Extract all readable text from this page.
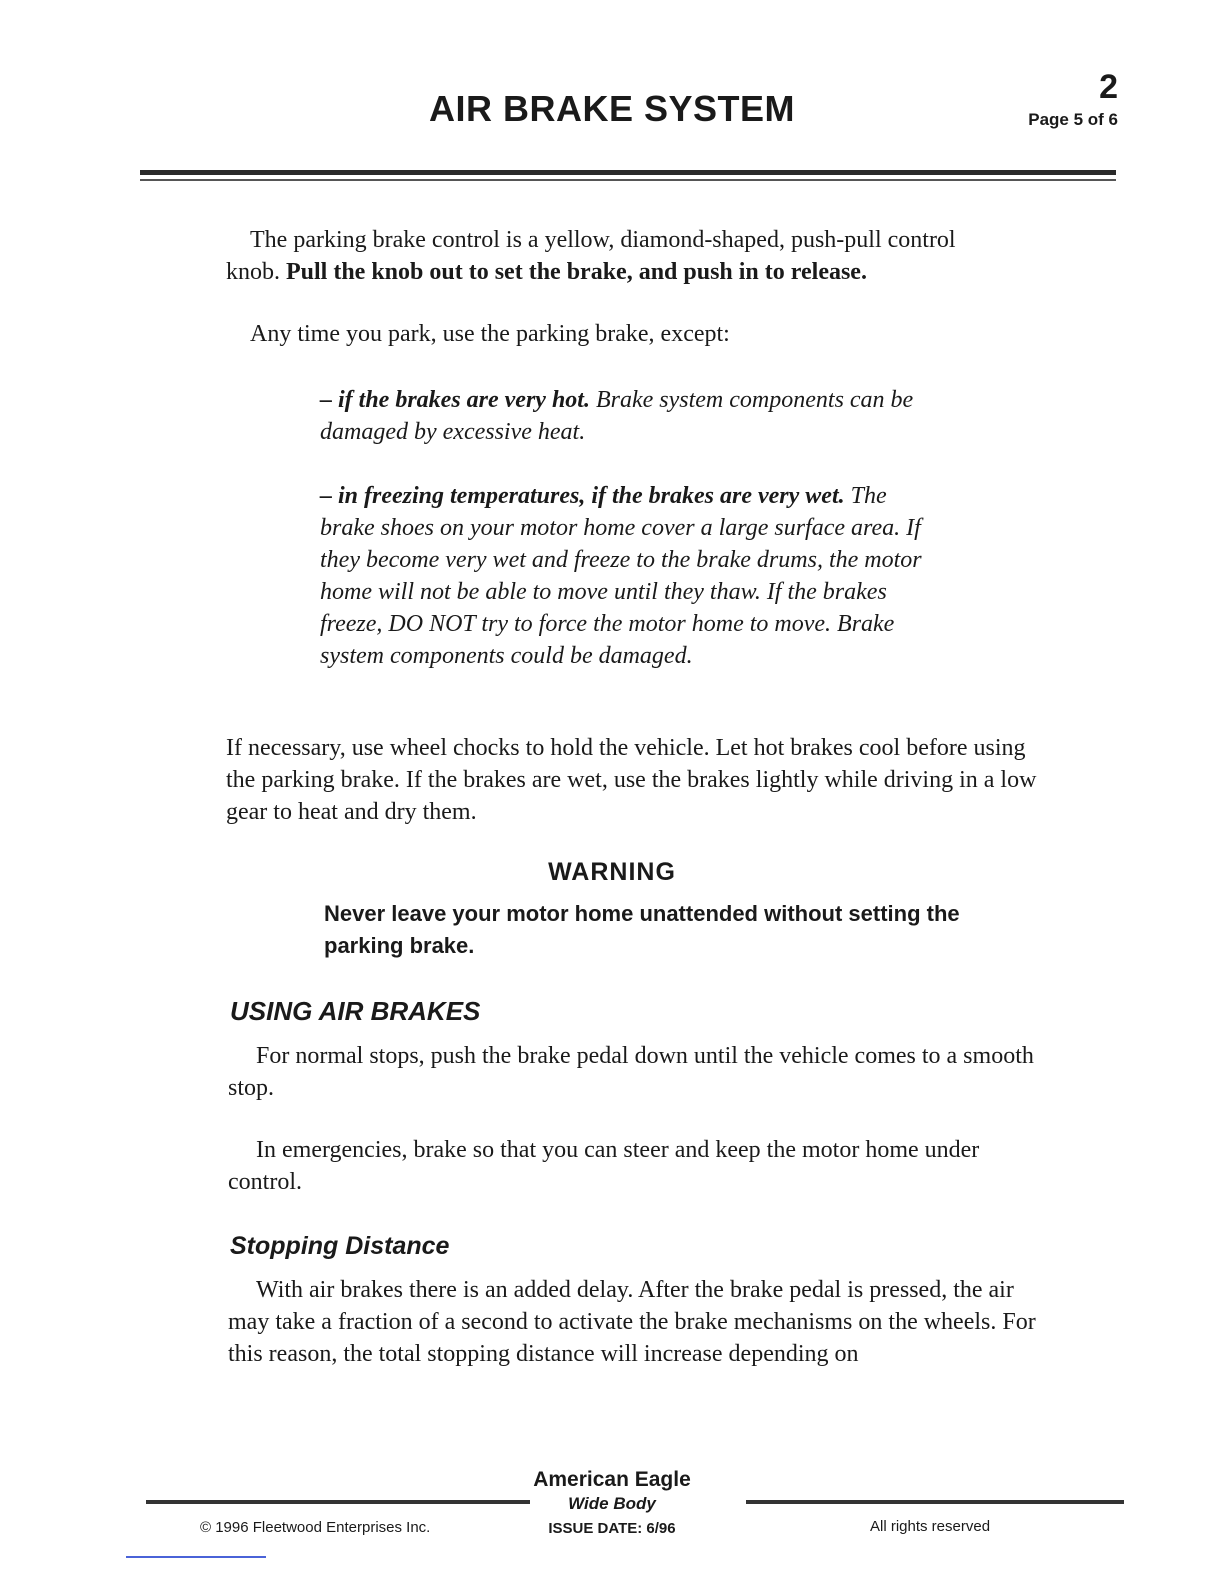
AIR BRAKE SYSTEM
2
Page 5 of 6

The parking brake control is a yellow, diamond-shaped, push-pull control
knob. Pull the knob out to set the brake, and push in to release.

Any time you park, use the parking brake, except:

– if the brakes are very hot. Brake system components can be damaged by excessive heat.

– in freezing temperatures, if the brakes are very wet. The brake shoes on your motor home cover a large surface area. If they become very wet and freeze to the brake drums, the motor home will not be able to move until they thaw. If the brakes freeze, DO NOT try to force the motor home to move. Brake system components could be damaged.

If necessary, use wheel chocks to hold the vehicle. Let hot brakes cool before using the parking brake. If the brakes are wet, use the brakes lightly while driving in a low gear to heat and dry them.

WARNING

Never leave your motor home unattended without setting the parking brake.

USING AIR BRAKES

For normal stops, push the brake pedal down until the vehicle comes to a smooth stop.

In emergencies, brake so that you can steer and keep the motor home under control.

Stopping Distance

With air brakes there is an added delay. After the brake pedal is pressed, the air may take a fraction of a second to activate the brake mechanisms on the wheels. For this reason, the total stopping distance will increase depending on

American Eagle
Wide Body
© 1996 Fleetwood Enterprises Inc.	ISSUE DATE: 6/96	All rights reserved
